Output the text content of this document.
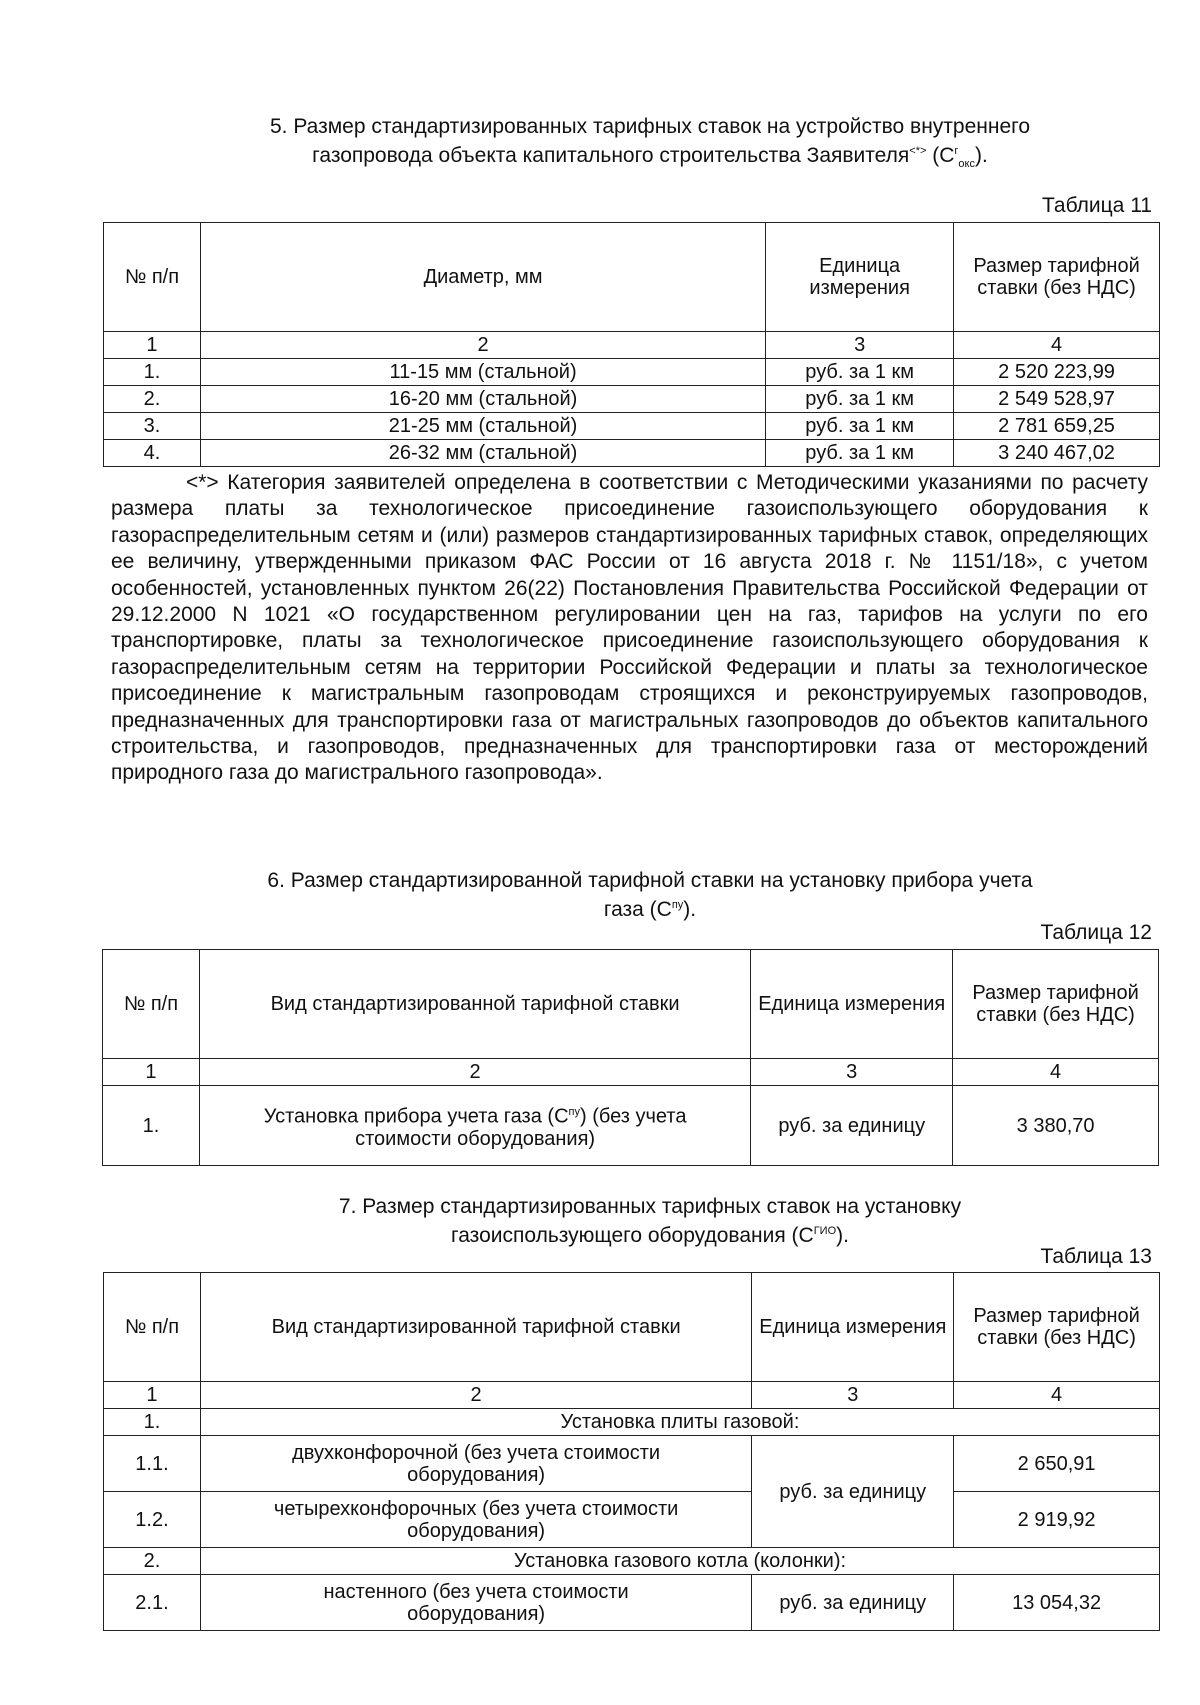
5. Размер стандартизированных тарифных ставок на устройство внутреннего
газопровода объекта капитального строительства Заявителя<*> $(C^г_{окс})$.
Таблица 11
№ п/п	Диаметр, мм	Единица измерения	Размер тарифной ставки (без НДС)
1	2	3	4
1.	11-15 мм (стальной)	руб. за 1 км	2 520 223,99
2.	16-20 мм (стальной)	руб. за 1 км	2 549 528,97
3.	21-25 мм (стальной)	руб. за 1 км	2 781 659,25
4.	26-32 мм (стальной)	руб. за 1 км	3 240 467,02
<*> Категория заявителей определена в соответствии с Методическими указаниями по расчету размера платы за технологическое присоединение газоиспользующего оборудования к газораспределительным сетям и (или) размеров стандартизированных тарифных ставок, определяющих ее величину, утвержденными приказом ФАС России от 16 августа 2018 г. № 1151/18», с учетом особенностей, установленных пунктом 26(22) Постановления Правительства Российской Федерации от 29.12.2000 N 1021 «О государственном регулировании цен на газ, тарифов на услуги по его транспортировке, платы за технологическое присоединение газоиспользующего оборудования к газораспределительным сетям на территории Российской Федерации и платы за технологическое присоединение к магистральным газопроводам строящихся и реконструируемых газопроводов, предназначенных для транспортировки газа от магистральных газопроводов до объектов капитального строительства, и газопроводов, предназначенных для транспортировки газа от месторождений природного газа до магистрального газопровода».
6. Размер стандартизированной тарифной ставки на установку прибора учета
газа $(C^{пу})$.
Таблица 12
№ п/п	Вид стандартизированной тарифной ставки	Единица измерения	Размер тарифной ставки (без НДС)
1	2	3	4
1.	Установка прибора учета газа $(C^{пу})$ (без учета стоимости оборудования)	руб. за единицу	3 380,70
7. Размер стандартизированных тарифных ставок на установку
газоиспользующего оборудования $(C^{ГИО})$.
Таблица 13
№ п/п	Вид стандартизированной тарифной ставки	Единица измерения	Размер тарифной ставки (без НДС)
1	2	3	4
1.	Установка плиты газовой:		
1.1.	двухконфорочной (без учета стоимости оборудования)	руб. за единицу	2 650,91
1.2.	четырехконфорочных (без учета стоимости оборудования)		2 919,92
2.	Установка газового котла (колонки):		
2.1.	настенного (без учета стоимости оборудования)	руб. за единицу	13 054,32
